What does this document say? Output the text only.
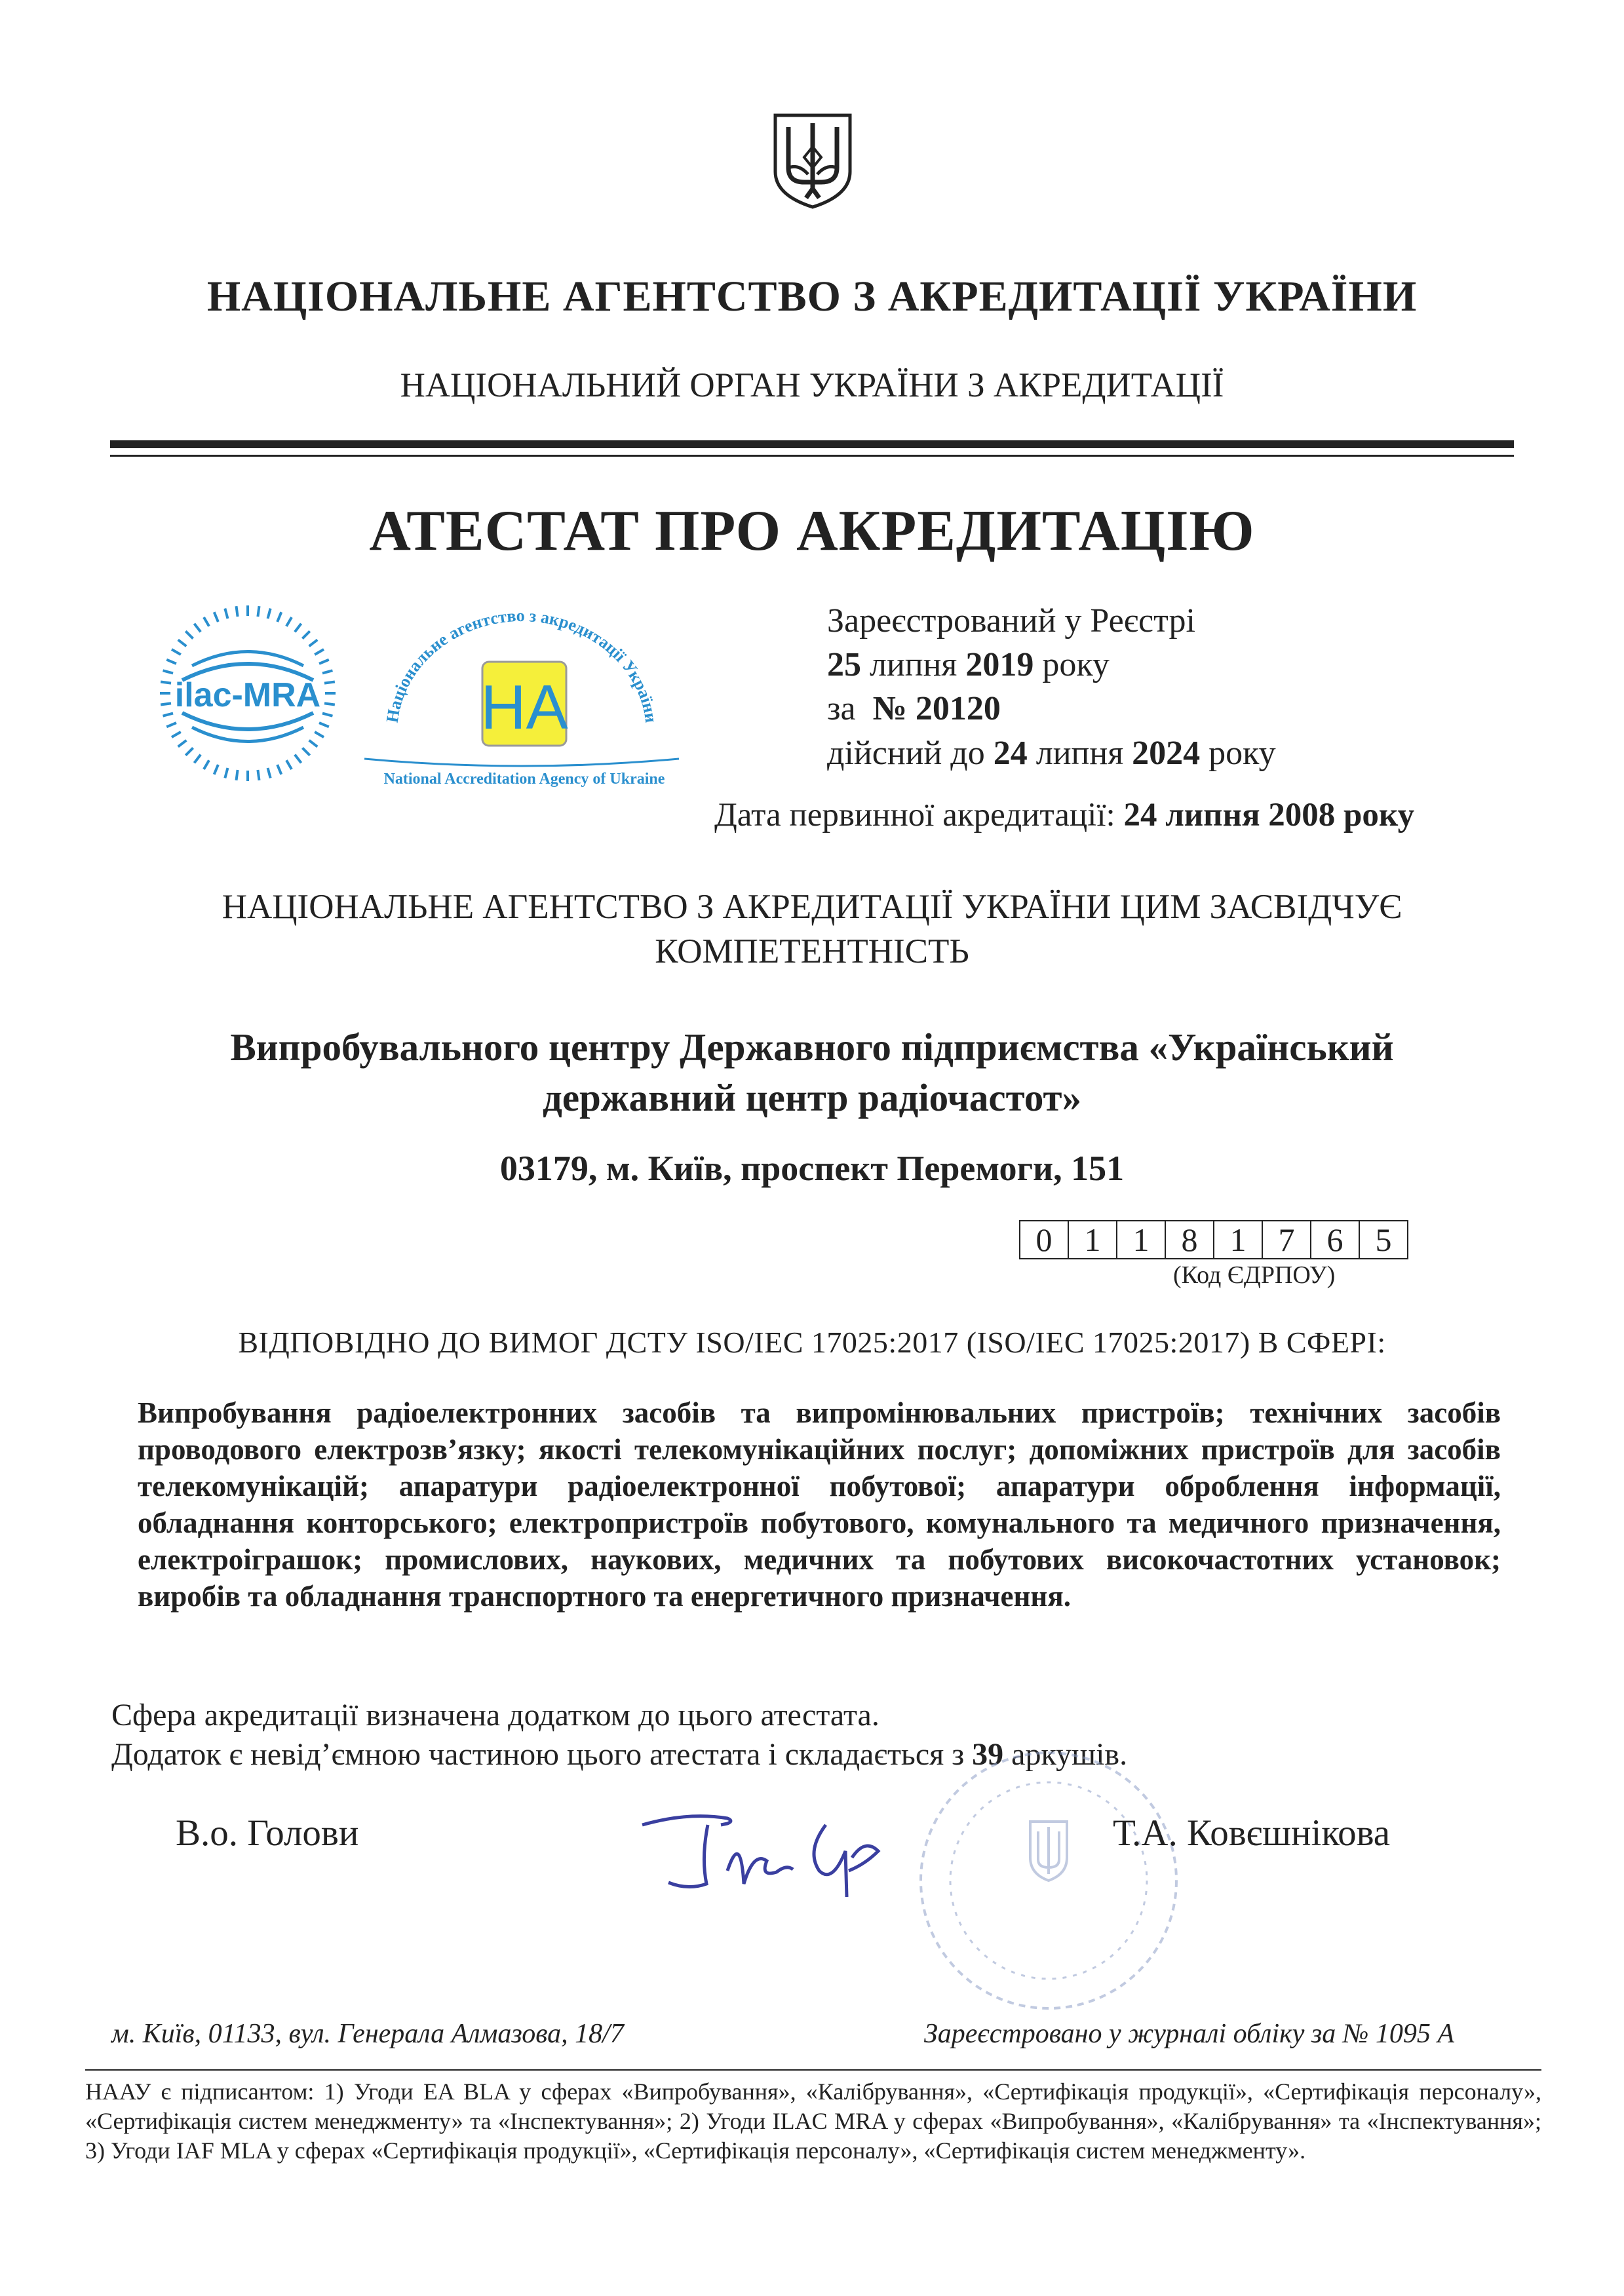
НАЦІОНАЛЬНЕ АГЕНТСТВО З АКРЕДИТАЦІЇ УКРАЇНИ
НАЦІОНАЛЬНИЙ ОРГАН УКРАЇНИ З АКРЕДИТАЦІЇ
АТЕСТАТ ПРО АКРЕДИТАЦІЮ
ilac-MRA
Національне агентство з акредитації України
НА
National Accreditation Agency of Ukraine
Зареєстрований у Реєстрі
25 липня 2019 року
за № 20120
дійсний до 24 липня 2024 року
Дата первинної акредитації: 24 липня 2008 року
НАЦІОНАЛЬНЕ АГЕНТСТВО З АКРЕДИТАЦІЇ УКРАЇНИ ЦИМ ЗАСВІДЧУЄ
КОМПЕТЕНТНІСТЬ
Випробувального центру Державного підприємства «Український
державний центр радіочастот»
03179, м. Київ, проспект Перемоги, 151
0 1 1 8 1 7 6 5
(Код ЄДРПОУ)
ВІДПОВІДНО ДО ВИМОГ ДСТУ ISO/IEC 17025:2017 (ISO/IEC 17025:2017) В СФЕРІ:
Випробування радіоелектронних засобів та випромінювальних пристроїв; технічних засобів проводового електрозв’язку; якості телекомунікаційних послуг; допоміжних пристроїв для засобів телекомунікацій; апаратури радіоелектронної побутової; апаратури оброблення інформації, обладнання конторського; електропристроїв побутового, комунального та медичного призначення, електроіграшок; промислових, наукових, медичних та побутових високочастотних установок; виробів та обладнання транспортного та енергетичного призначення.
Сфера акредитації визначена додатком до цього атестата.
Додаток є невід’ємною частиною цього атестата і складається з 39 аркушів.
В.о. Голови	Т.А. Ковєшнікова
м. Київ, 01133, вул. Генерала Алмазова, 18/7	Зареєстровано у журналі обліку за № 1095 А
НААУ є підписантом: 1) Угоди EA BLA у сферах «Випробування», «Калібрування», «Сертифікація продукції», «Сертифікація персоналу», «Сертифікація систем менеджменту» та «Інспектування»; 2) Угоди ILAC MRA у сферах «Випробування», «Калібрування» та «Інспектування»; 3) Угоди IAF MLA у сферах «Сертифікація продукції», «Сертифікація персоналу», «Сертифікація систем менеджменту».
